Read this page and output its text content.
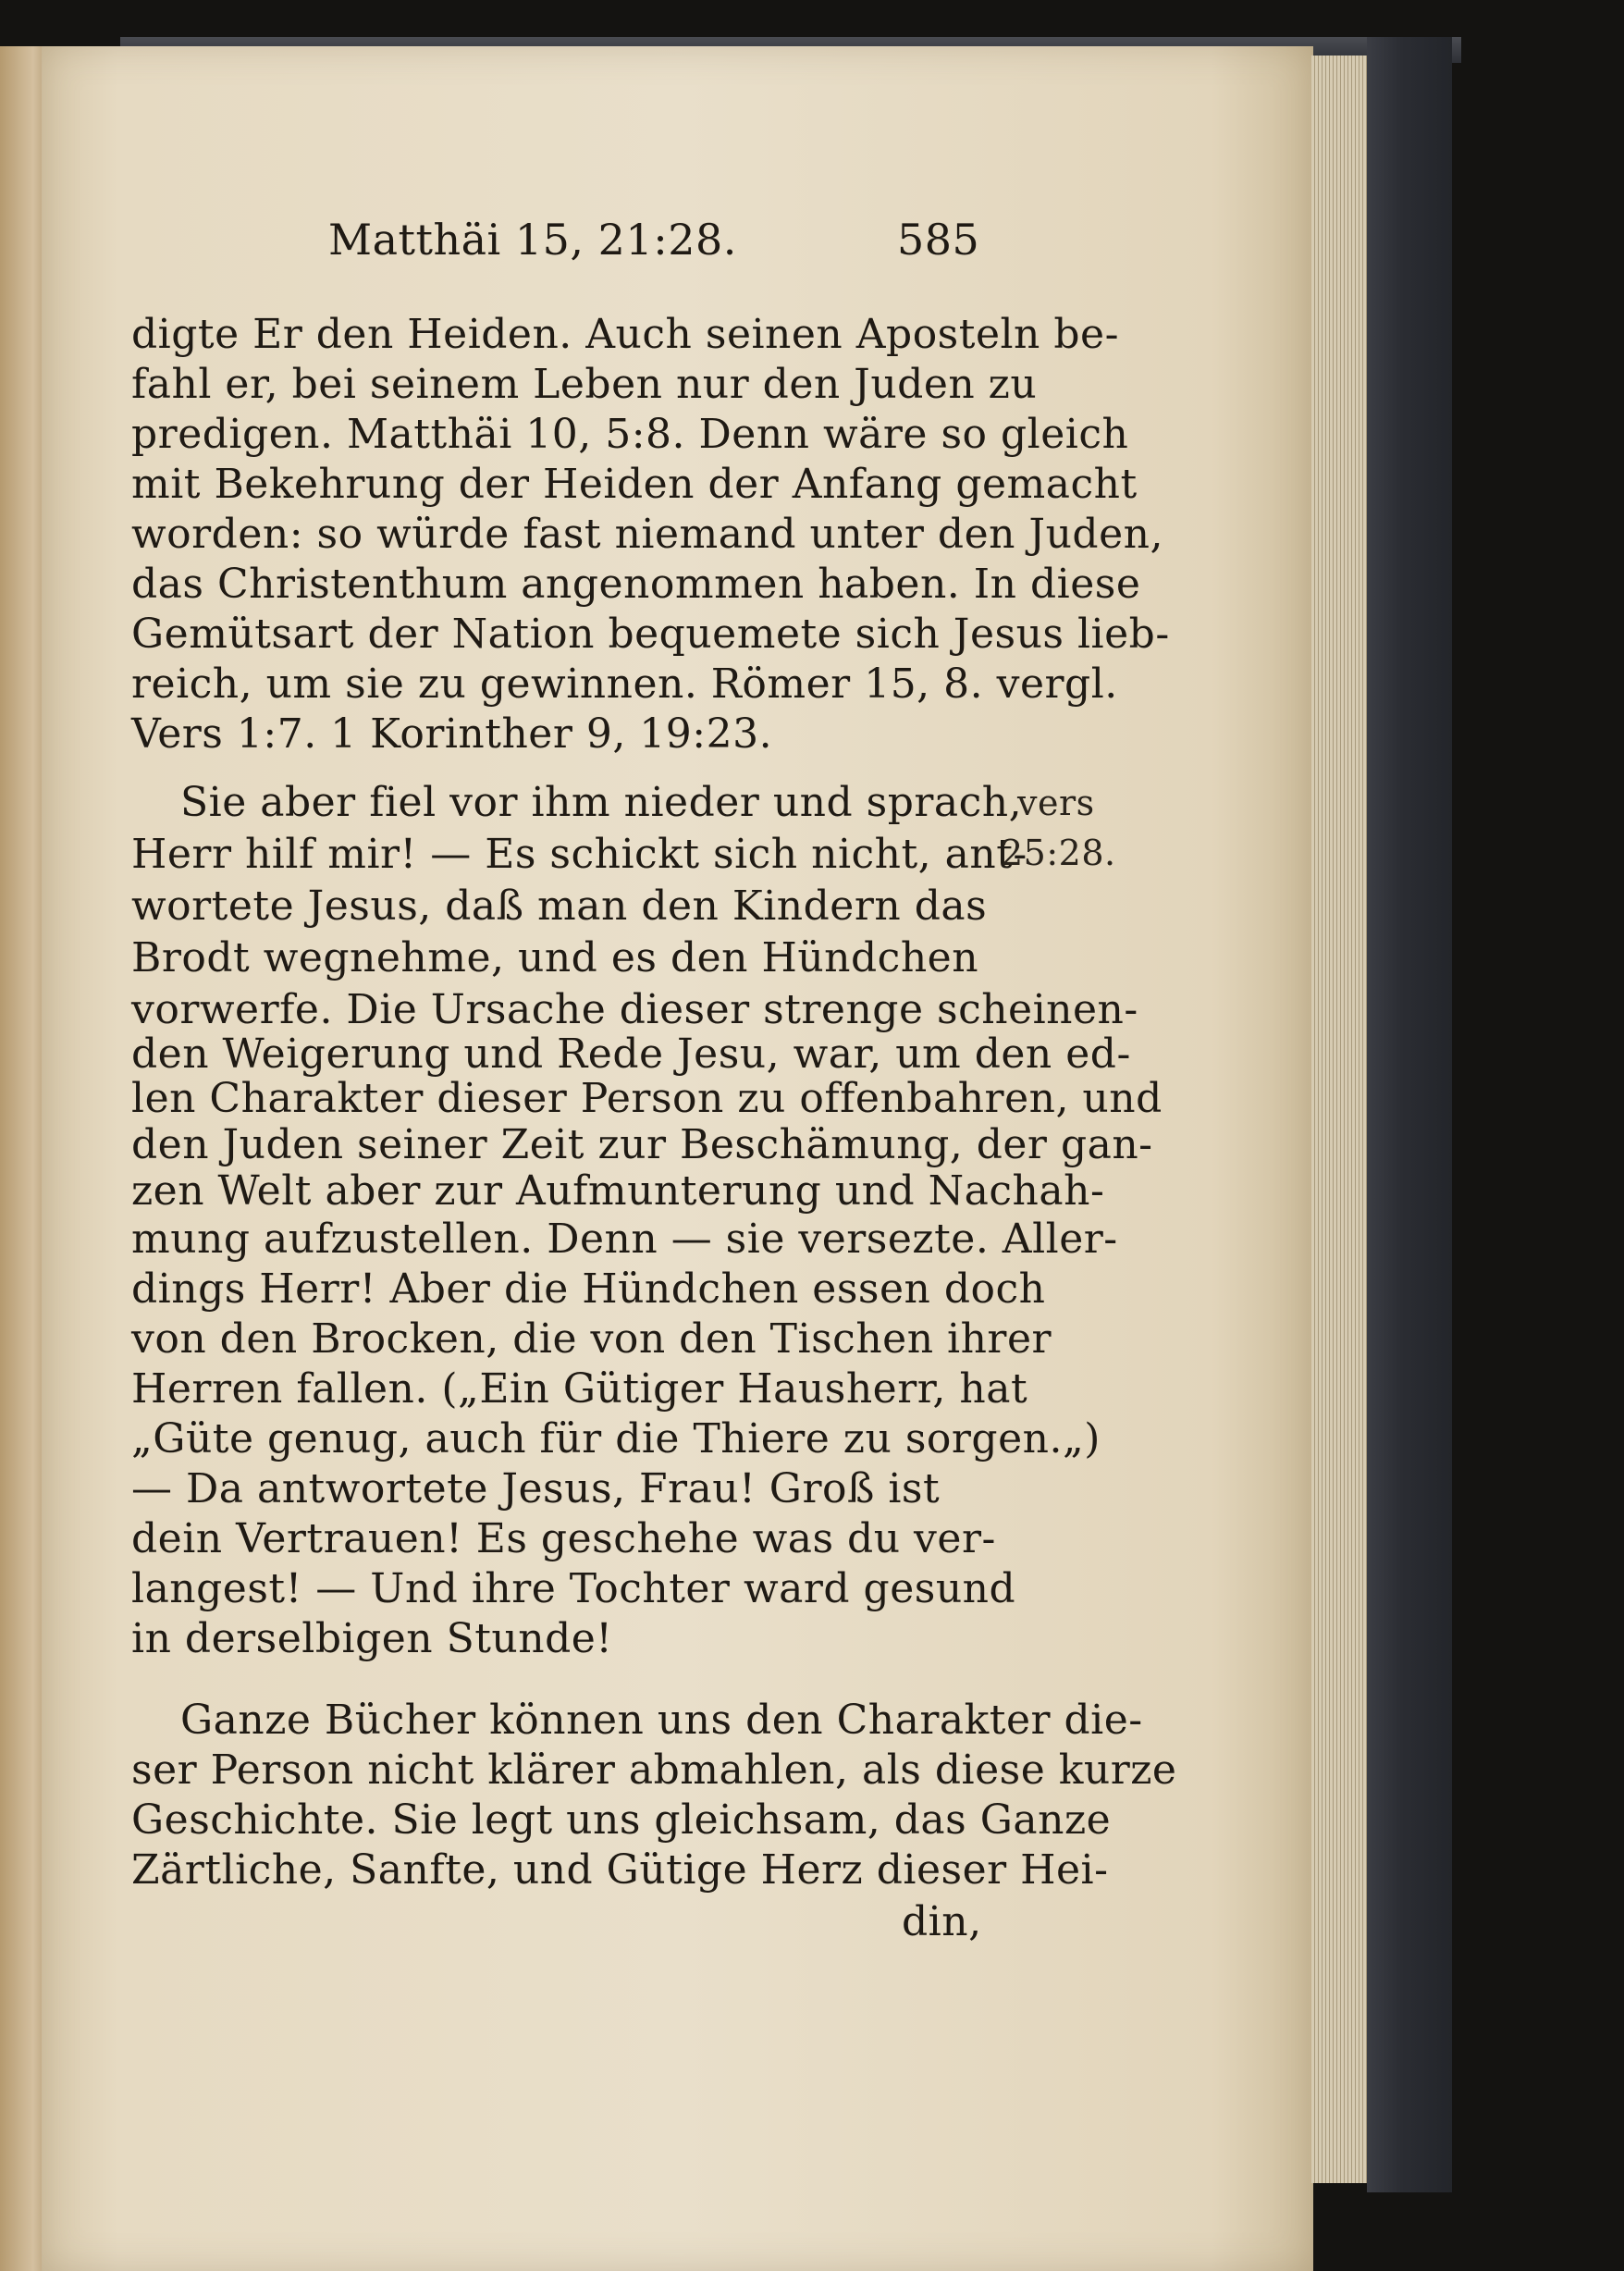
Matthäi 15, 21:28.	585
digte Er den Heiden. Auch seinen Aposteln be-
fahl er, bei seinem Leben nur den Juden zu
predigen. Matthäi 10, 5:8. Denn wäre so gleich
mit Bekehrung der Heiden der Anfang gemacht
worden: so würde fast niemand unter den Juden,
das Christenthum angenommen haben. In diese
Gemütsart der Nation bequemete sich Jesus lieb-
reich, um sie zu gewinnen. Römer 15, 8. vergl.
Vers 1:7. 1 Korinther 9, 19:23.
Sie aber fiel vor ihm nieder und sprach,
Herr hilf mir! — Es schickt sich nicht, ant-
wortete Jesus, daß man den Kindern das
Brodt wegnehme, und es den Hündchen
vorwerfe. Die Ursache dieser strenge scheinen-
den Weigerung und Rede Jesu, war, um den ed-
len Charakter dieser Person zu offenbahren, und
den Juden seiner Zeit zur Beschämung, der gan-
zen Welt aber zur Aufmunterung und Nachah-
mung aufzustellen. Denn — sie versezte. Aller-
dings Herr! Aber die Hündchen essen doch
von den Brocken, die von den Tischen ihrer
Herren fallen. („Ein Gütiger Hausherr, hat
„Güte genug, auch für die Thiere zu sorgen.„)
— Da antwortete Jesus, Frau! Groß ist
dein Vertrauen! Es geschehe was du ver-
langest! — Und ihre Tochter ward gesund
in derselbigen Stunde!
vers
25:28.
Ganze Bücher können uns den Charakter die-
ser Person nicht klärer abmahlen, als diese kurze
Geschichte. Sie legt uns gleichsam, das Ganze
Zärtliche, Sanfte, und Gütige Herz dieser Hei-
din,
